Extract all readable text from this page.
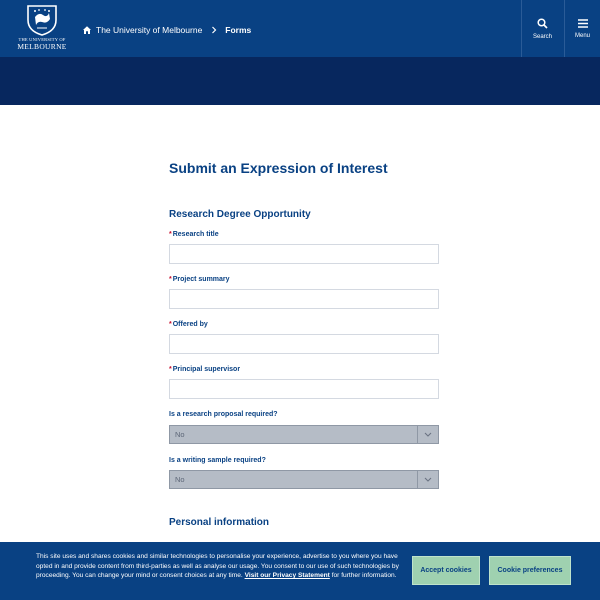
THE UNIVERSITY OF
MELBOURNE
The University of Melbourne	Forms
Search	Menu
Submit an Expression of Interest
Research Degree Opportunity
*Research title
*Project summary
*Offered by
*Principal supervisor
Is a research proposal required?
No
Is a writing sample required?
No
Personal information

This site uses and shares cookies and similar technologies to personalise your experience, advertise to you where you have opted in and provide content from third-parties as well as analyse our usage. You consent to our use of such technologies by proceeding. You can change your mind or consent choices at any time. Visit our Privacy Statement for further information.

Accept cookies	Cookie preferences
